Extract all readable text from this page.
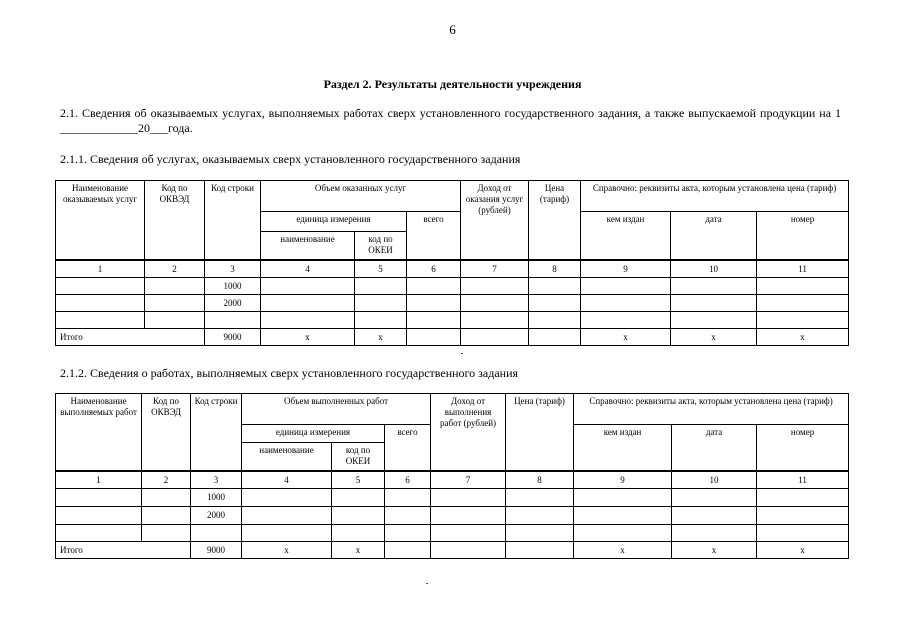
6
Раздел 2. Результаты деятельности учреждения
2.1. Сведения об оказываемых услугах, выполняемых работах сверх установленного государственного задания, а также выпускаемой продукции на 1 _____________20___года.
2.1.1. Сведения об услугах, оказываемых сверх установленного государственного задания
Наименование оказываемых услуг	Код по ОКВЭД	Код строки	Объем оказанных услуг			Доход от оказания услуг (рублей)	Цена (тариф)	Справочно: реквизиты акта, которым установлена цена (тариф)		
			единица измерения		всего			кем издан	дата	номер
			наименование	код по ОКЕИ						
1	2	3	4	5	6	7	8	9	10	11
		1000								
		2000								

Итого		9000	x	x				x	x	x
2.1.2. Сведения о работах, выполняемых сверх установленного государственного задания
Наименование выполняемых работ	Код по ОКВЭД	Код строки	Объем выполненных работ			Доход от выполнения работ (рублей)	Цена (тариф)	Справочно: реквизиты акта, которым установлена цена (тариф)		
			единица измерения		всего			кем издан	дата	номер
			наименование	код по ОКЕИ						
1	2	3	4	5	6	7	8	9	10	11
		1000								
		2000								

Итого		9000	x	x				x	x	x
